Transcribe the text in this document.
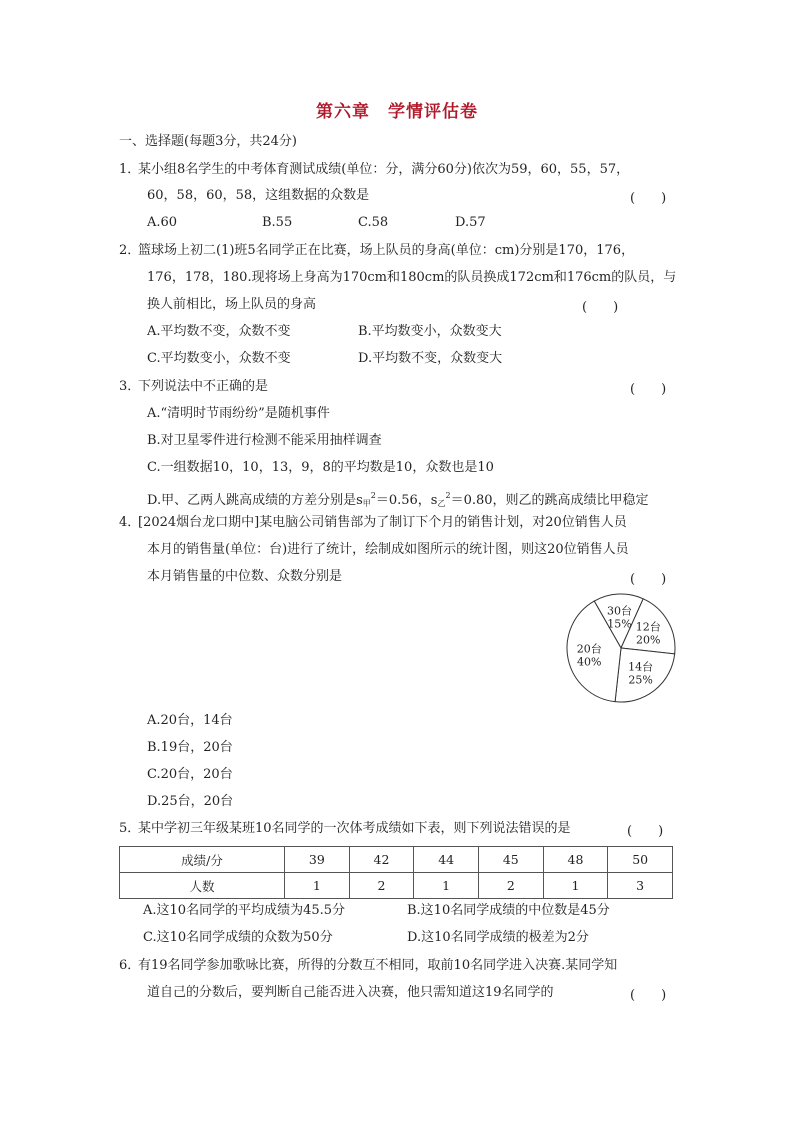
第六章　学情评估卷
一、选择题(每题3分，共24分)
1．
某小组8名学生的中考体育测试成绩(单位：分，满分60分)依次为59，60，55，57，
60，58，60，58，这组数据的众数是	(　　)
A.60	B.55	C.58	D.57
2．
篮球场上初二(1)班5名同学正在比赛，场上队员的身高(单位：cm)分别是170，176，
176，178，180.现将场上身高为170cm和180cm的队员换成172cm和176cm的队员，与
换人前相比，场上队员的身高	(　　)
A.平均数不变，众数不变	B.平均数变小，众数变大
C.平均数变小，众数不变	D.平均数不变，众数变大
3．
下列说法中不正确的是	(　　)
A.“清明时节雨纷纷”是随机事件
B.对卫星零件进行检测不能采用抽样调查
C.一组数据10，10，13，9，8的平均数是10，众数也是10
D.甲、乙两人跳高成绩的方差分别是$s_甲^2=0.56$，$s_乙^2=0.80$，则乙的跳高成绩比甲稳定
4．
[2024烟台龙口期中]某电脑公司销售部为了制订下个月的销售计划，对20位销售人员
本月的销售量(单位：台)进行了统计，绘制成如图所示的统计图，则这20位销售人员
本月销售量的中位数、众数分别是	(　　)
30台
15% 12台
20%
14台
25%
20台
40%
A.20台，14台
B.19台，20台
C.20台，20台
D.25台，20台
5．
某中学初三年级某班10名同学的一次体考成绩如下表，则下列说法错误的是	(　　)
成绩/分	39	42	44	45	48	50
人数	1	2	1	2	1	3
A.这10名同学的平均成绩为45.5分	B.这10名同学成绩的中位数是45分
C.这10名同学成绩的众数为50分	D.这10名同学成绩的极差为2分
6．
有19名同学参加歌咏比赛，所得的分数互不相同，取前10名同学进入决赛.某同学知
道自己的分数后，要判断自己能否进入决赛，他只需知道这19名同学的	(　　)
